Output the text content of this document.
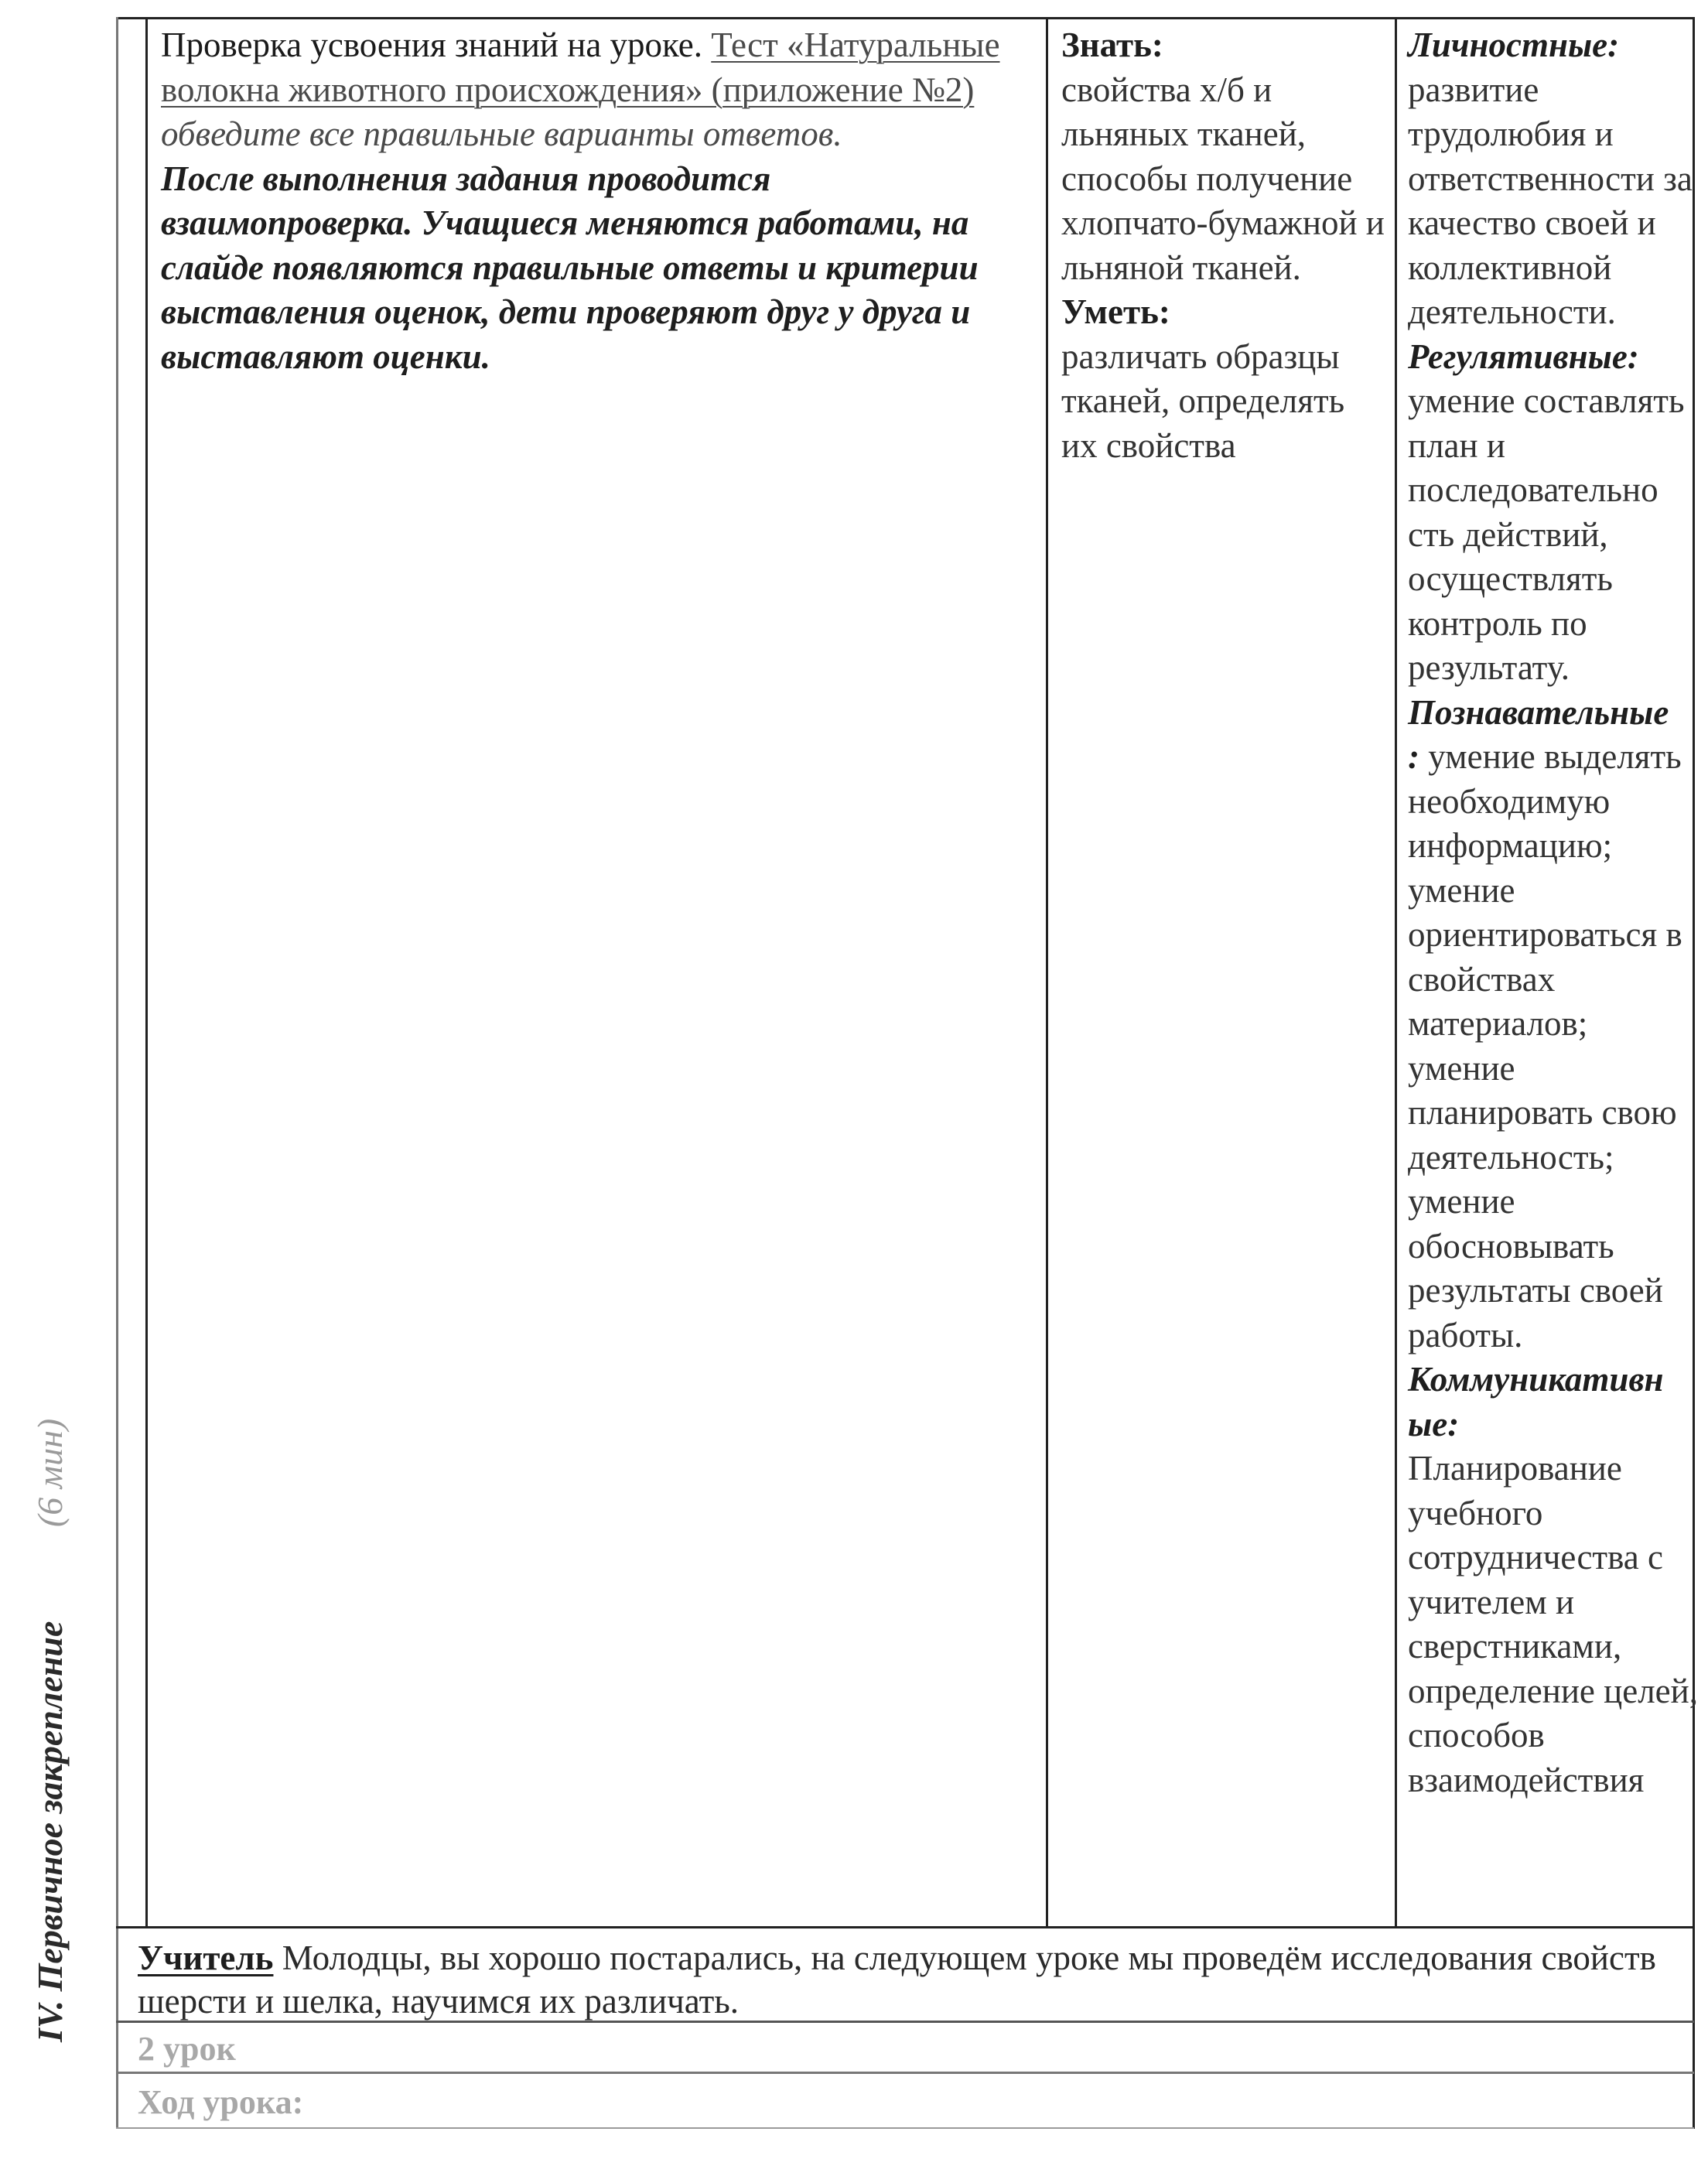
IV. Первичное закрепление (6 мин)
Проверка усвоения знаний на уроке. Тест «Натуральные волокна животного происхождения» (приложение №2) обведите все правильные варианты ответов.
После выполнения задания проводится взаимопроверка. Учащиеся меняются работами, на слайде появляются правильные ответы и критерии выставления оценок, дети проверяют друг у друга и выставляют оценки.

Знать:

свойства х/б и льняных тканей, способы получение хлопчато-бумажной и льняной тканей.

Уметь:

различать образцы тканей, определять их свойства

Личностные:

развитие трудолюбия и ответственности за качество своей и коллективной деятельности.

Регулятивные:

умение составлять план и последовательно сть действий, осуществлять контроль по результату.

Познавательные

: умение выделять необходимую информацию; умение ориентироваться в свойствах материалов; умение планировать свою деятельность; умение обосновывать результаты своей работы.

Коммуникативн ые:

Планирование учебного сотрудничества с учителем и сверстниками, определение целей, способов взаимодействия

Учитель Молодцы, вы хорошо постарались, на следующем уроке мы проведём исследования свойств шерсти и шелка, научимся их различать.
2 урок
Ход урока:
